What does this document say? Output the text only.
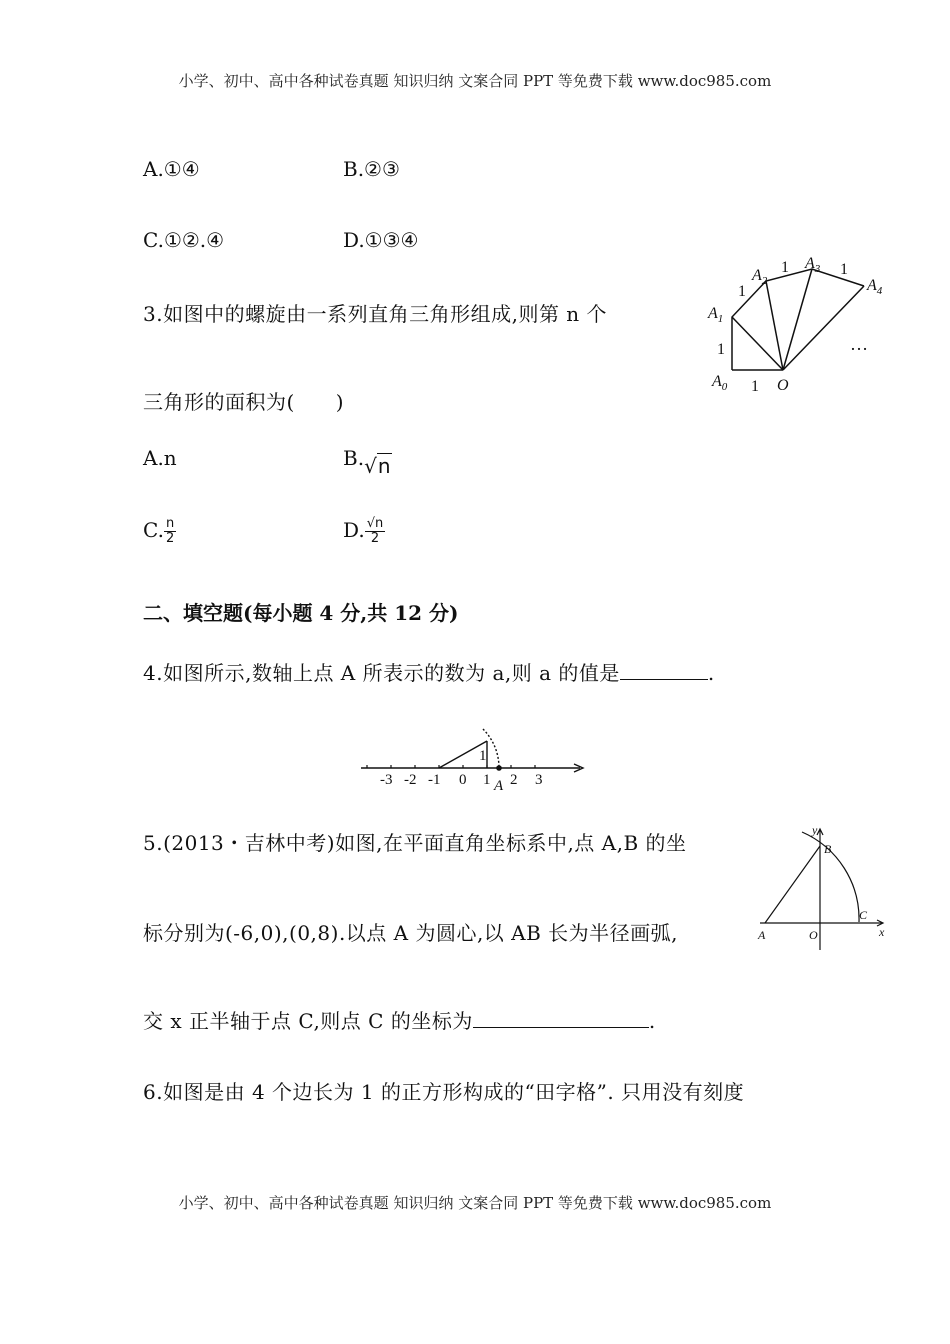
小学、初中、高中各种试卷真题 知识归纳 文案合同 PPT 等免费下载 www.doc985.com
A.①④	B.②③
C.①②.④	D.①③④
3.如图中的螺旋由一系列直角三角形组成,则第 n 个
三角形的面积为(　　)
A.n	B.√n
C. $\frac{n}{2}$	D. $\frac{√n}{2}$
$A_0$
$A_1$
$A_2$
$A_3$
$A_4$
O
1
1
1
1	1
…
二、填空题(每小题 4 分,共 12 分)
4.如图所示,数轴上点 A 所表示的数为 a,则 a 的值是	.
-3 -2 -1 0 1 2 3
1
A
5.(2013・吉林中考)如图,在平面直角坐标系中,点 A,B 的坐
标分别为(-6,0),(0,8).以点 A 为圆心,以 AB 长为半径画弧,
交 x 正半轴于点 C,则点 C 的坐标为	.
y
x
B
A	O
C
6.如图是由 4 个边长为 1 的正方形构成的“田字格”. 只用没有刻度
小学、初中、高中各种试卷真题 知识归纳 文案合同 PPT 等免费下载 www.doc985.com
